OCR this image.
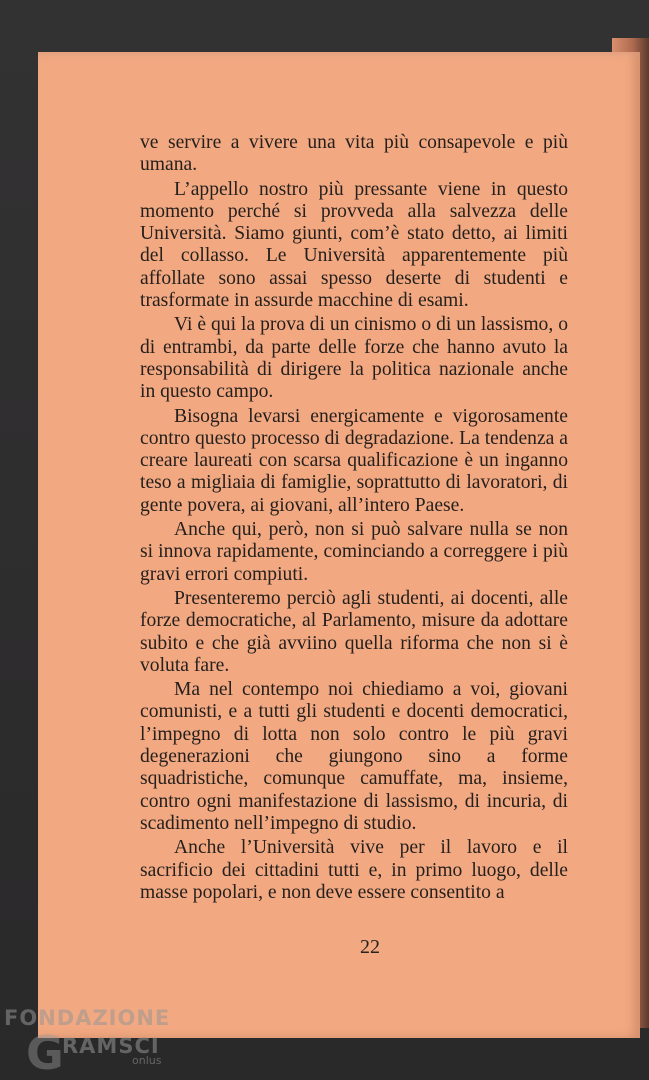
ve servire a vivere una vita più consapevole e più umana.

L’appello nostro più pressante viene in questo momento perché si provveda alla salvezza delle Università. Siamo giunti, com’è stato detto, ai limiti del collasso. Le Università apparentemente più affollate sono assai spesso deserte di studenti e trasformate in assurde macchine di esami.

Vi è qui la prova di un cinismo o di un lassismo, o di entrambi, da parte delle forze che hanno avuto la responsabilità di dirigere la politica nazionale anche in questo campo.

Bisogna levarsi energicamente e vigorosamente contro questo processo di degradazione. La tendenza a creare laureati con scarsa qualificazione è un inganno teso a migliaia di famiglie, soprattutto di lavoratori, di gente povera, ai giovani, all’intero Paese.

Anche qui, però, non si può salvare nulla se non si innova rapidamente, cominciando a correggere i più gravi errori compiuti.

Presenteremo perciò agli studenti, ai docenti, alle forze democratiche, al Parlamento, misure da adottare subito e che già avviino quella riforma che non si è voluta fare.

Ma nel contempo noi chiediamo a voi, giovani comunisti, e a tutti gli studenti e docenti democratici, l’impegno di lotta non solo contro le più gravi degenerazioni che giungono sino a forme squadristiche, comunque camuffate, ma, insieme, contro ogni manifestazione di lassismo, di incuria, di scadimento nell’impegno di studio.

Anche l’Università vive per il lavoro e il sacrificio dei cittadini tutti e, in primo luogo, delle masse popolari, e non deve essere consentito a

22
FONDAZIONE
G
RAMSCI
onlus
